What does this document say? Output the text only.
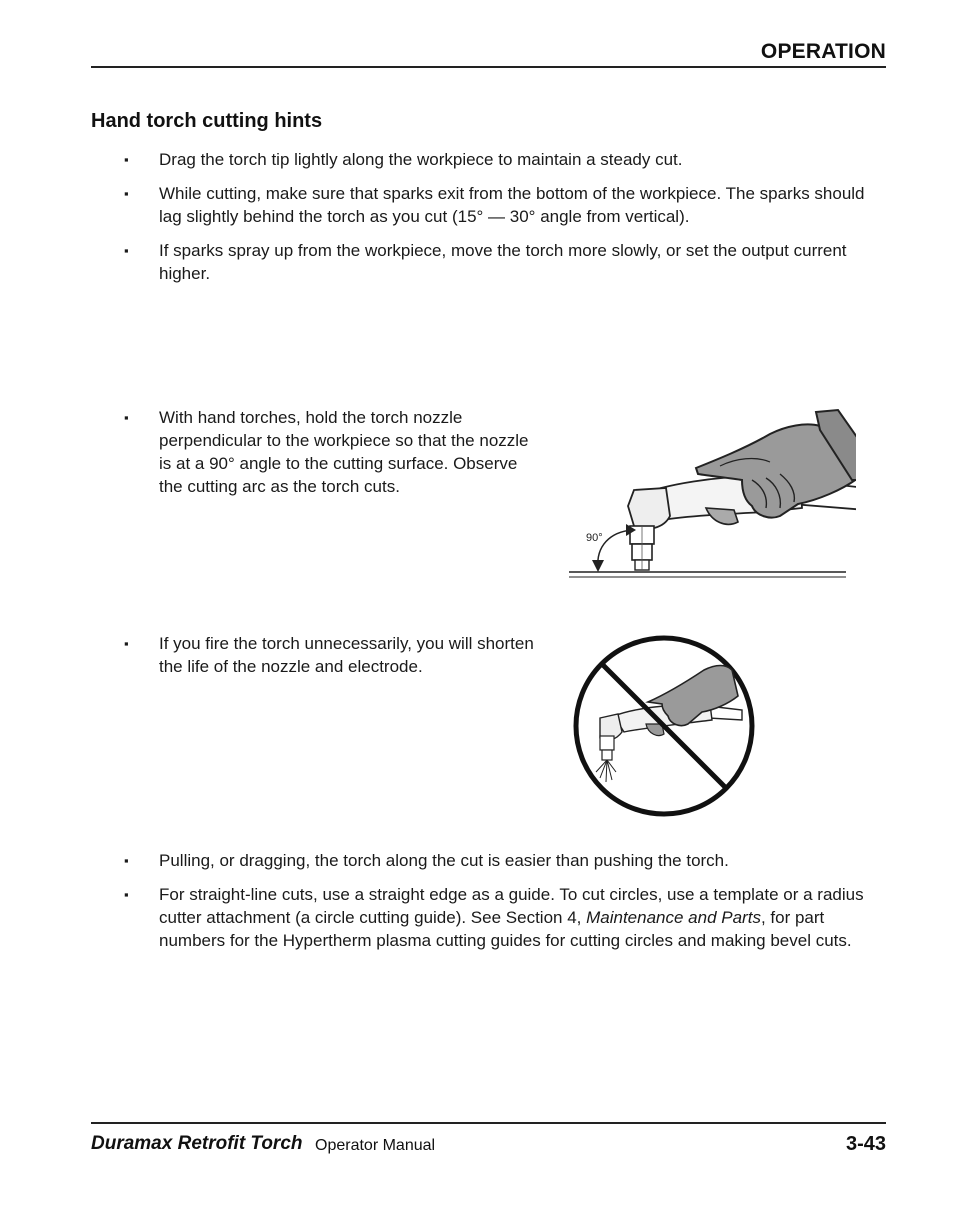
OPERATION
Hand torch cutting hints
▪	Drag the torch tip lightly along the workpiece to maintain a steady cut.
▪	While cutting, make sure that sparks exit from the bottom of the workpiece. The sparks should lag slightly behind the torch as you cut (15° — 30° angle from vertical).
▪	If sparks spray up from the workpiece, move the torch more slowly, or set the output current higher.
▪	With hand torches, hold the torch nozzle perpendicular to the workpiece so that the nozzle is at a 90° angle to the cutting surface. Observe the cutting arc as the torch cuts.
90°
▪	If you fire the torch unnecessarily, you will shorten the life of the nozzle and electrode.
▪	Pulling, or dragging, the torch along the cut is easier than pushing the torch.
▪	For straight-line cuts, use a straight edge as a guide. To cut circles, use a template or a radius cutter attachment (a circle cutting guide). See Section 4, Maintenance and Parts, for part numbers for the Hypertherm plasma cutting guides for cutting circles and making bevel cuts.
Duramax Retrofit Torch Operator Manual	3-43
